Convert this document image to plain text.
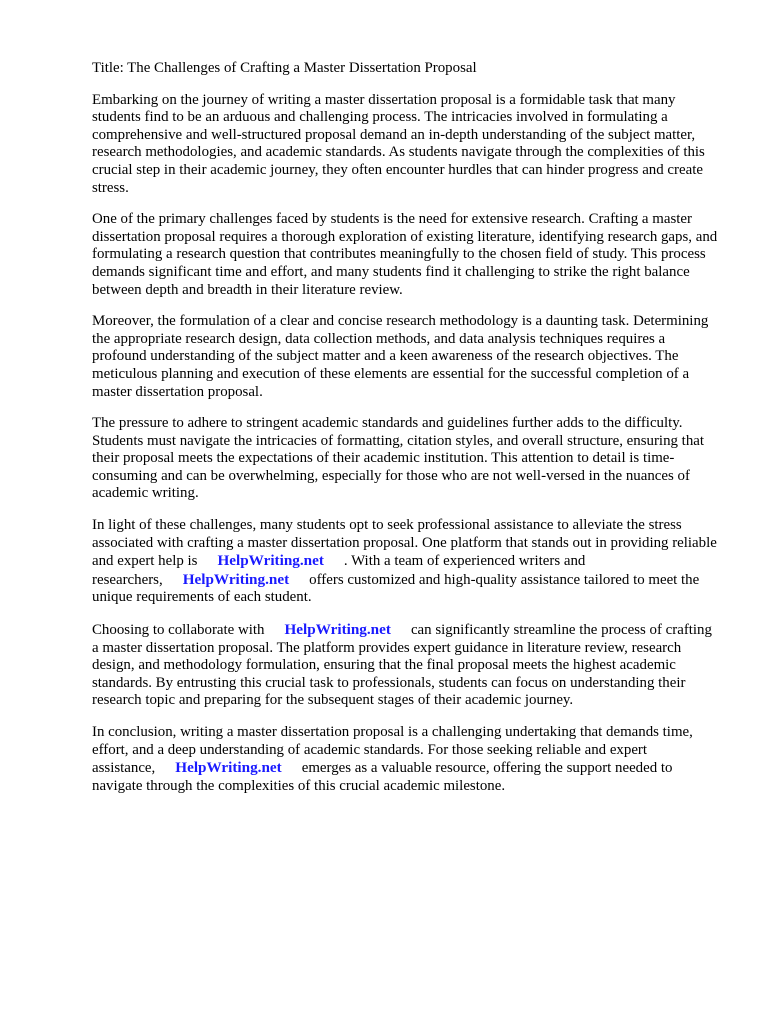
Title: The Challenges of Crafting a Master Dissertation Proposal

Embarking on the journey of writing a master dissertation proposal is a formidable task that many students find to be an arduous and challenging process. The intricacies involved in formulating a comprehensive and well-structured proposal demand an in-depth understanding of the subject matter, research methodologies, and academic standards. As students navigate through the complexities of this crucial step in their academic journey, they often encounter hurdles that can hinder progress and create stress.

One of the primary challenges faced by students is the need for extensive research. Crafting a master dissertation proposal requires a thorough exploration of existing literature, identifying research gaps, and formulating a research question that contributes meaningfully to the chosen field of study. This process demands significant time and effort, and many students find it challenging to strike the right balance between depth and breadth in their literature review.

Moreover, the formulation of a clear and concise research methodology is a daunting task. Determining the appropriate research design, data collection methods, and data analysis techniques requires a profound understanding of the subject matter and a keen awareness of the research objectives. The meticulous planning and execution of these elements are essential for the successful completion of a master dissertation proposal.

The pressure to adhere to stringent academic standards and guidelines further adds to the difficulty. Students must navigate the intricacies of formatting, citation styles, and overall structure, ensuring that their proposal meets the expectations of their academic institution. This attention to detail is time-consuming and can be overwhelming, especially for those who are not well-versed in the nuances of academic writing.

In light of these challenges, many students opt to seek professional assistance to alleviate the stress associated with crafting a master dissertation proposal. One platform that stands out in providing reliable and expert help is HelpWriting.net . With a team of experienced writers and researchers, HelpWriting.net offers customized and high-quality assistance tailored to meet the unique requirements of each student.

Choosing to collaborate with HelpWriting.net can significantly streamline the process of crafting a master dissertation proposal. The platform provides expert guidance in literature review, research design, and methodology formulation, ensuring that the final proposal meets the highest academic standards. By entrusting this crucial task to professionals, students can focus on understanding their research topic and preparing for the subsequent stages of their academic journey.

In conclusion, writing a master dissertation proposal is a challenging undertaking that demands time, effort, and a deep understanding of academic standards. For those seeking reliable and expert assistance, HelpWriting.net emerges as a valuable resource, offering the support needed to navigate through the complexities of this crucial academic milestone.
